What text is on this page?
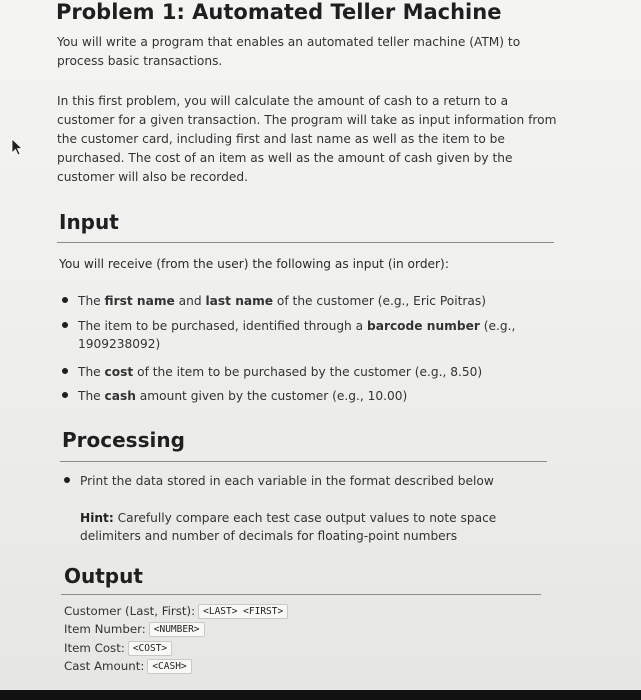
Problem 1: Automated Teller Machine

You will write a program that enables an automated teller machine (ATM) to process basic transactions.

In this first problem, you will calculate the amount of cash to a return to a customer for a given transaction. The program will take as input information from the customer card, including first and last name as well as the item to be purchased. The cost of an item as well as the amount of cash given by the customer will also be recorded.

Input

You will receive (from the user) the following as input (in order):

The first name and last name of the customer (e.g., Eric Poitras)
The item to be purchased, identified through a barcode number (e.g., 1909238092)
The cost of the item to be purchased by the customer (e.g., 8.50)
The cash amount given by the customer (e.g., 10.00)
Processing
Print the data stored in each variable in the format described below

Hint: Carefully compare each test case output values to note space delimiters and number of decimals for floating-point numbers

Output

Customer (Last, First): <LAST> <FIRST>

Item Number: <NUMBER>

Item Cost: <COST>

Cast Amount: <CASH>
